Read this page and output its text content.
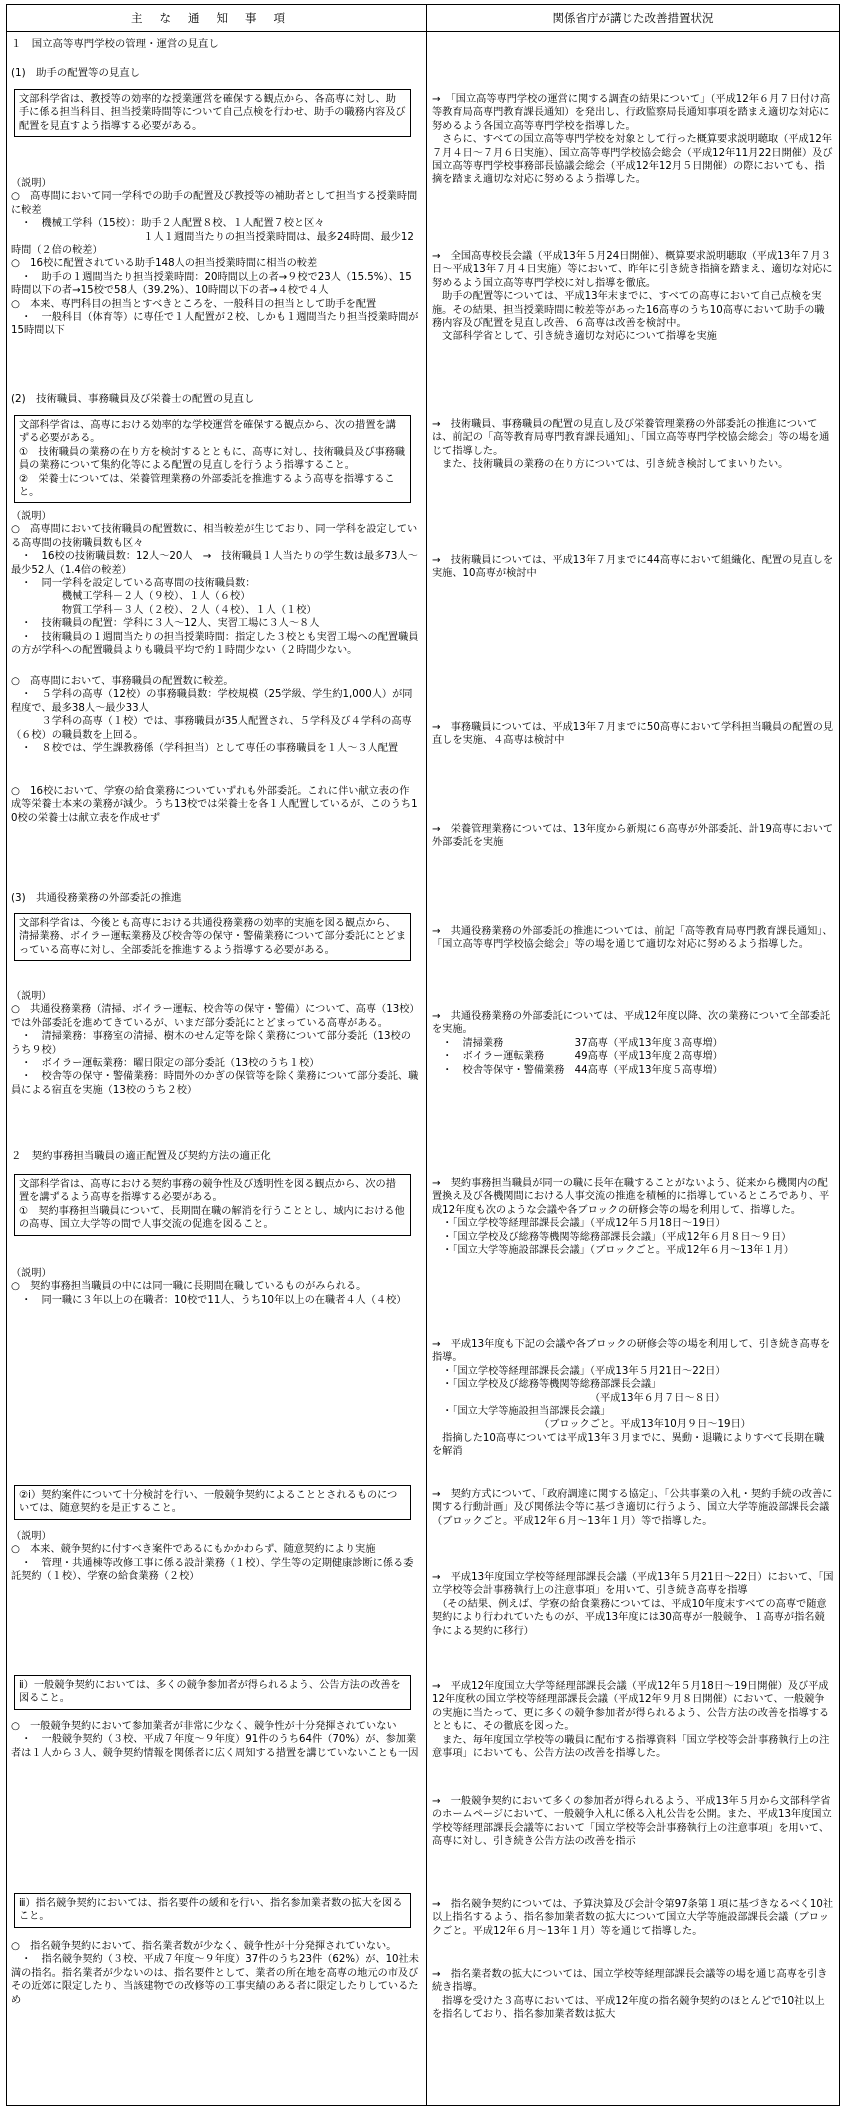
主な通知事項	関係省庁が講じた改善措置状況

１　国立高等専門学校の管理・運営の見直し

(1)　助手の配置等の見直し

文部科学省は、教授等の効率的な授業運営を確保する観点から、各高専に対し、助手に係る担当科目、担当授業時間等について自己点検を行わせ、助手の職務内容及び配置を見直すよう指導する必要がある。

→　「国立高等専門学校の運営に関する調査の結果について」（平成12年６月７日付け高等教育局高専門教育課長通知）を発出し、行政監察局長通知事項を踏まえ適切な対応に努めるよう各国立高等専門学校を指導した。
　さらに、すべての国立高等専門学校を対象として行った概算要求説明聴取（平成12年７月４日～７月６日実施）、国立高等専門学校協会総会（平成12年11月22日開催）及び国立高等専門学校事務部長協議会総会（平成12年12月５日開催）の際においても、指摘を踏まえ適切な対応に努めるよう指導した。

（説明）
○　高専間において同一学科での助手の配置及び教授等の補助者として担当する授業時間に較差
　・　機械工学科（15校）：助手２人配置８校、１人配置７校と区々
　　　　　　　　　　　　　１人１週間当たりの担当授業時間は、最多24時間、最少12時間（２倍の較差）
○　16校に配置されている助手148人の担当授業時間に相当の較差
　・　助手の１週間当たり担当授業時間：20時間以上の者→９校で23人（15.5%）、15時間以下の者→15校で58人（39.2%）、10時間以下の者→４校で４人
○　本来、専門科目の担当とすべきところを、一般科目の担当として助手を配置
　・　一般科目（体育等）に専任で１人配置が２校、しかも１週間当たり担当授業時間が15時間以下

→　全国高専校長会議（平成13年５月24日開催）、概算要求説明聴取（平成13年７月３日～平成13年７月４日実施）等において、昨年に引き続き指摘を踏まえ、適切な対応に努めるよう国立高等専門学校に対し指導を徹底。
　助手の配置等については、平成13年末までに、すべての高専において自己点検を実施。その結果、担当授業時間に較差等があった16高専のうち10高専において助手の職務内容及び配置を見直し改善、６高専は改善を検討中。
　文部科学省として、引き続き適切な対応について指導を実施

(2)　技術職員、事務職員及び栄養士の配置の見直し

文部科学省は、高専における効率的な学校運営を確保する観点から、次の措置を講ずる必要がある。
①　技術職員の業務の在り方を検討するとともに、高専に対し、技術職員及び事務職員の業務について集約化等による配置の見直しを行うよう指導すること。
②　栄養士については、栄養管理業務の外部委託を推進するよう高専を指導すること。

→　技術職員、事務職員の配置の見直し及び栄養管理業務の外部委託の推進については、前記の「高等教育局専門教育課長通知」、「国立高等専門学校協会総会」等の場を通じて指導した。
　また、技術職員の業務の在り方については、引き続き検討してまいりたい。

（説明）
○　高専間において技術職員の配置数に、相当較差が生じており、同一学科を設定している高専間の技術職員数も区々
　・　16校の技術職員数：12人～20人　→　技術職員１人当たりの学生数は最多73人～最少52人（1.4倍の較差）
　・　同一学科を設定している高専間の技術職員数：
　　　　　機械工学科－２人（９校）、１人（６校）
　　　　　物質工学科－３人（２校）、２人（４校）、１人（１校）
　・　技術職員の配置：学科に３人～12人、実習工場に３人～８人
　・　技術職員の１週間当たりの担当授業時間：指定した３校とも実習工場への配置職員の方が学科への配置職員よりも職員平均で約１時間少ない（２時間少ない。

→　技術職員については、平成13年７月までに44高専において組織化、配置の見直しを実施、10高専が検討中

○　高専間において、事務職員の配置数に較差。
　・　５学科の高専（12校）の事務職員数：学校規模（25学級、学生約1,000人）が同程度で、最多38人～最少33人
　　　３学科の高専（１校）では、事務職員が35人配置され、５学科及び４学科の高専（６校）の職員数を上回る。
　・　８校では、学生課教務係（学科担当）として専任の事務職員を１人～３人配置

→　事務職員については、平成13年７月までに50高専において学科担当職員の配置の見直しを実施、４高専は検討中

○　16校において、学寮の給食業務についていずれも外部委託。これに伴い献立表の作成等栄養士本来の業務が減少。うち13校では栄養士を各１人配置しているが、このうち10校の栄養士は献立表を作成せず

→　栄養管理業務については、13年度から新規に６高専が外部委託、計19高専において外部委託を実施

(3)　共通役務業務の外部委託の推進

文部科学省は、今後とも高専における共通役務業務の効率的実施を図る観点から、清掃業務、ボイラー運転業務及び校舎等の保守・警備業務について部分委託にとどまっている高専に対し、全部委託を推進するよう指導する必要がある。

→　共通役務業務の外部委託の推進については、前記「高等教育局専門教育課長通知」、「国立高等専門学校協会総会」等の場を通じて適切な対応に努めるよう指導した。

（説明）
○　共通役務業務（清掃、ボイラー運転、校舎等の保守・警備）について、高専（13校）では外部委託を進めてきているが、いまだ部分委託にとどまっている高専がある。
　・　清掃業務：事務室の清掃、樹木のせん定等を除く業務について部分委託（13校のうち９校）
　・　ボイラー運転業務：曜日限定の部分委託（13校のうち１校）
　・　校舎等の保守・警備業務：時間外のかぎの保管等を除く業務について部分委託、職員による宿直を実施（13校のうち２校）

→　共通役務業務の外部委託については、平成12年度以降、次の業務について全部委託を実施。
　・　清掃業務　　　　　　　37高専（平成13年度３高専増）
　・　ボイラー運転業務　　　49高専（平成13年度２高専増）
　・　校舎等保守・警備業務　44高専（平成13年度５高専増）

２　契約事務担当職員の適正配置及び契約方法の適正化

文部科学省は、高専における契約事務の競争性及び透明性を図る観点から、次の措置を講ずるよう高専を指導する必要がある。
①　契約事務担当職員について、長期間在職の解消を行うこととし、域内における他の高専、国立大学等の間で人事交流の促進を図ること。

→　契約事務担当職員が同一の職に長年在職することがないよう、従来から機関内の配置換え及び各機関間における人事交流の推進を積極的に指導しているところであり、平成12年度も次のような会議や各ブロックの研修会等の場を利用して、指導した。
　・「国立学校等経理部課長会議」（平成12年５月18日～19日）
　・「国立学校及び総務等機関等総務部課長会議」（平成12年６月８日～９日）
　・「国立大学等施設部課長会議」（ブロックごと。平成12年６月～13年１月）

（説明）
○　契約事務担当職員の中には同一職に長期間在職しているものがみられる。
　・　同一職に３年以上の在職者：10校で11人、うち10年以上の在職者４人（４校）

→　平成13年度も下記の会議や各ブロックの研修会等の場を利用して、引き続き高専を指導。
　・「国立学校等経理部課長会議」（平成13年５月21日～22日）
　・「国立学校及び総務等機関等総務部課長会議」
　　　　　　　　　　　　　　　　（平成13年６月７日～８日）
　・「国立大学等施設担当部課長会議」
　　　　　　　　　　　（ブロックごと。平成13年10月９日～19日）
　指摘した10高専については平成13年３月までに、異動・退職によりすべて長期在職を解消

②ⅰ）契約案件について十分検討を行い、一般競争契約によることとされるものについては、随意契約を是正すること。

→　契約方式について、「政府調達に関する協定」、「公共事業の入札・契約手続の改善に関する行動計画」及び関係法令等に基づき適切に行うよう、国立大学等施設部課長会議（ブロックごと。平成12年６月～13年１月）等で指導した。

（説明）
○　本来、競争契約に付すべき案件であるにもかかわらず、随意契約により実施
　・　管理・共通棟等改修工事に係る設計業務（１校）、学生等の定期健康診断に係る委託契約（１校）、学寮の給食業務（２校）	→　平成13年度国立学校等経理部課長会議（平成13年５月21日～22日）において、「国立学校等会計事務執行上の注意事項」を用いて、引き続き高専を指導
　（その結果、例えば、学寮の給食業務については、平成10年度末すべての高専で随意契約により行われていたものが、平成13年度には30高専が一般競争、１高専が指名競争による契約に移行）

ⅱ）一般競争契約においては、多くの競争参加者が得られるよう、公告方法の改善を図ること。

→　平成12年度国立大学等経理部課長会議（平成12年５月18日～19日開催）及び平成12年度秋の国立学校等経理部課長会議（平成12年９月８日開催）において、一般競争の実施に当たって、更に多くの競争参加者が得られるよう、公告方法の改善を指導するとともに、その徹底を図った。
　また、毎年度国立学校等の職員に配布する指導資料「国立学校等会計事務執行上の注意事項」においても、公告方法の改善を指導した。

○　一般競争契約において参加業者が非常に少なく、競争性が十分発揮されていない
　・　一般競争契約（３校、平成７年度～９年度）91件のうち64件（70%）が、参加業者は１人から３人、競争契約情報を関係者に広く周知する措置を講じていないことも一因

→　一般競争契約において多くの参加者が得られるよう、平成13年５月から文部科学省のホームページにおいて、一般競争入札に係る入札公告を公開。また、平成13年度国立学校等経理部課長会議等において「国立学校等会計事務執行上の注意事項」を用いて、高専に対し、引き続き公告方法の改善を指示

ⅲ）指名競争契約においては、指名要件の緩和を行い、指名参加業者数の拡大を図ること。

→　指名競争契約については、予算決算及び会計令第97条第１項に基づきなるべく10社以上指名するよう、指名参加業者数の拡大について国立大学等施設部課長会議（ブロックごと。平成12年６月～13年１月）等を通じて指導した。

○　指名競争契約において、指名業者数が少なく、競争性が十分発揮されていない。
　・　指名競争契約（３校、平成７年度～９年度）37件のうち23件（62%）が、10社未満の指名。指名業者が少ないのは、指名要件として、業者の所在地を高専の地元の市及びその近郊に限定したり、当該建物での改修等の工事実績のある者に限定したりしているため

→　指名業者数の拡大については、国立学校等経理部課長会議等の場を通じ高専を引き続き指導。
　指導を受けた３高専においては、平成12年度の指名競争契約のほとんどで10社以上を指名しており、指名参加業者数は拡大
